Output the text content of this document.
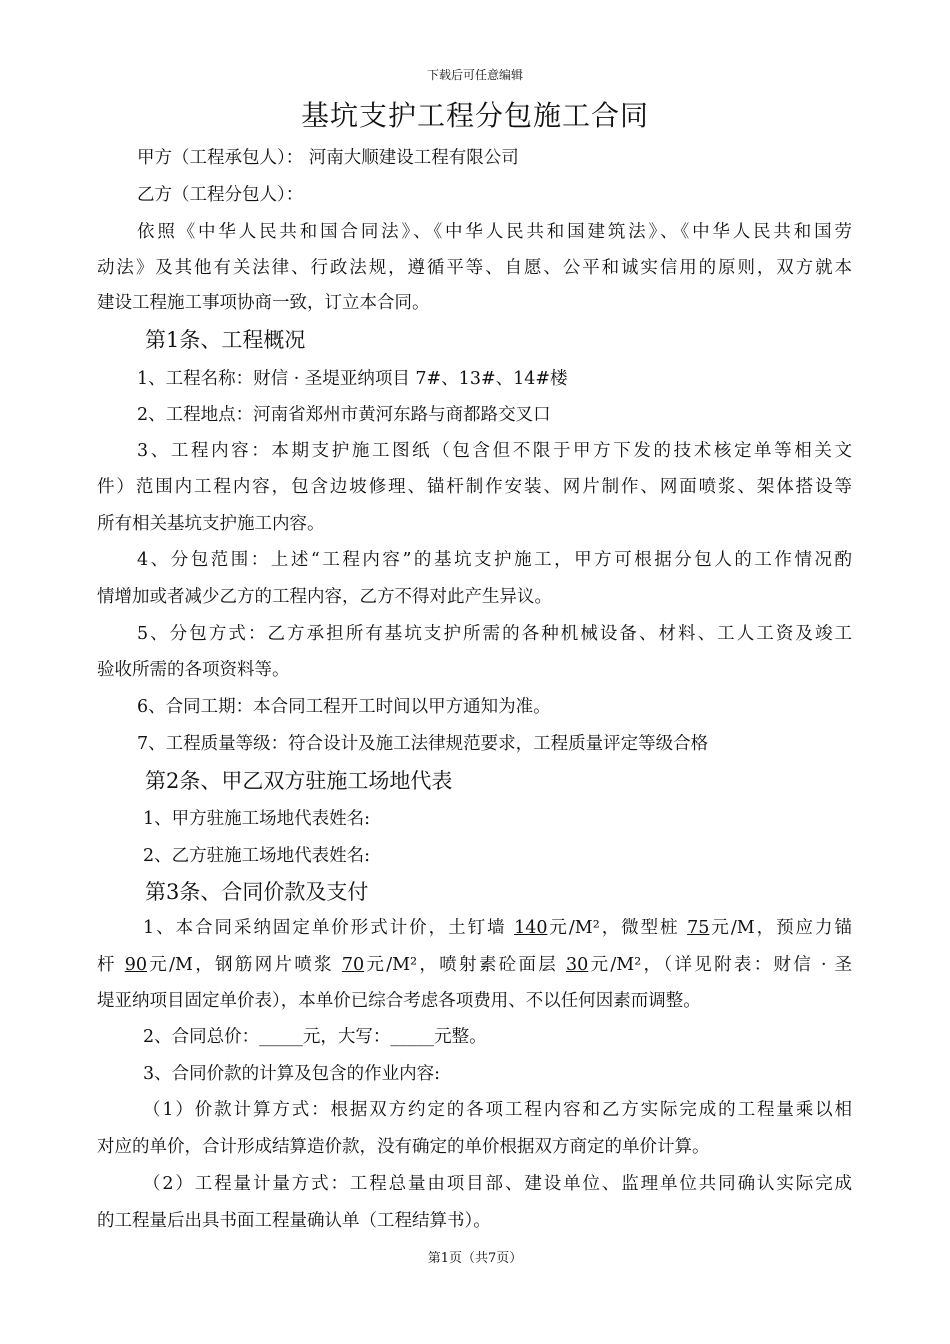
下载后可任意编辑
基坑支护工程分包施工合同
甲方（工程承包人）： 河南大顺建设工程有限公司
乙方（工程分包人）：
依照《中华人民共和国合同法》、《中华人民共和国建筑法》、《中华人民共和国劳
动法》及其他有关法律、行政法规，遵循平等、自愿、公平和诚实信用的原则，双方就本
建设工程施工事项协商一致，订立本合同。
第1条、工程概况
1、工程名称：财信 · 圣堤亚纳项目 7#、13#、14#楼
2、工程地点：河南省郑州市黄河东路与商都路交叉口
3、工程内容：本期支护施工图纸（包含但不限于甲方下发的技术核定单等相关文
件）范围内工程内容，包含边坡修理、锚杆制作安装、网片制作、网面喷浆、架体搭设等
所有相关基坑支护施工内容。
4、分包范围：上述“工程内容”的基坑支护施工，甲方可根据分包人的工作情况酌
情增加或者减少乙方的工程内容，乙方不得对此产生异议。
5、分包方式：乙方承担所有基坑支护所需的各种机械设备、材料、工人工资及竣工
验收所需的各项资料等。
6、合同工期：本合同工程开工时间以甲方通知为准。
7、工程质量等级：符合设计及施工法律规范要求，工程质量评定等级合格
第2条、甲乙双方驻施工场地代表
1、甲方驻施工场地代表姓名:
2、乙方驻施工场地代表姓名:
第3条、合同价款及支付
1、本合同采纳固定单价形式计价，土钉墙 140元/M²，微型桩 75元/M，预应力锚
杆 90元/M，钢筋网片喷浆 70元/M²，喷射素砼面层 30元/M²，（详见附表：财信 · 圣
堤亚纳项目固定单价表），本单价已综合考虑各项费用、不以任何因素而调整。
2、合同总价：_____元，大写：_____元整。
3、合同价款的计算及包含的作业内容:
（1）价款计算方式：根据双方约定的各项工程内容和乙方实际完成的工程量乘以相
对应的单价，合计形成结算造价款，没有确定的单价根据双方商定的单价计算。
（2）工程量计量方式：工程总量由项目部、建设单位、监理单位共同确认实际完成
的工程量后出具书面工程量确认单（工程结算书）。
第1页（共7页）
